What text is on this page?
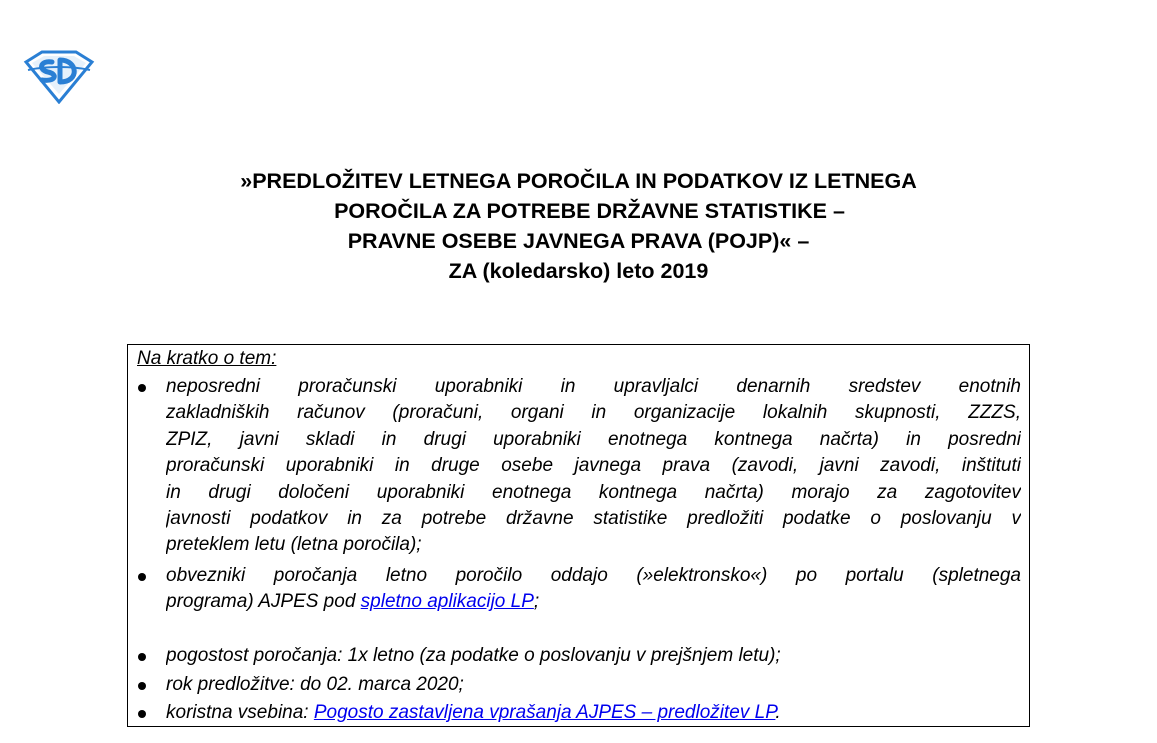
»PREDLOŽITEV LETNEGA POROČILA IN PODATKOV IZ LETNEGA
POROČILA ZA POTREBE DRŽAVNE STATISTIKE –
PRAVNE OSEBE JAVNEGA PRAVA (POJP)« –
ZA (koledarsko) leto 2019
Na kratko o tem:
neposredni proračunski uporabniki in upravljalci denarnih sredstev enotnih
zakladniških računov (proračuni, organi in organizacije lokalnih skupnosti, ZZZS,
ZPIZ, javni skladi in drugi uporabniki enotnega kontnega načrta) in posredni
proračunski uporabniki in druge osebe javnega prava (zavodi, javni zavodi, inštituti
in drugi določeni uporabniki enotnega kontnega načrta) morajo za zagotovitev
javnosti podatkov in za potrebe državne statistike predložiti podatke o poslovanju v
preteklem letu (letna poročila);
obvezniki poročanja letno poročilo oddajo (»elektronsko«) po portalu (spletnega
programa) AJPES pod spletno aplikacijo LP;
pogostost poročanja: 1x letno (za podatke o poslovanju v prejšnjem letu);
rok predložitve: do 02. marca 2020;
koristna vsebina: Pogosto zastavljena vprašanja AJPES – predložitev LP.
